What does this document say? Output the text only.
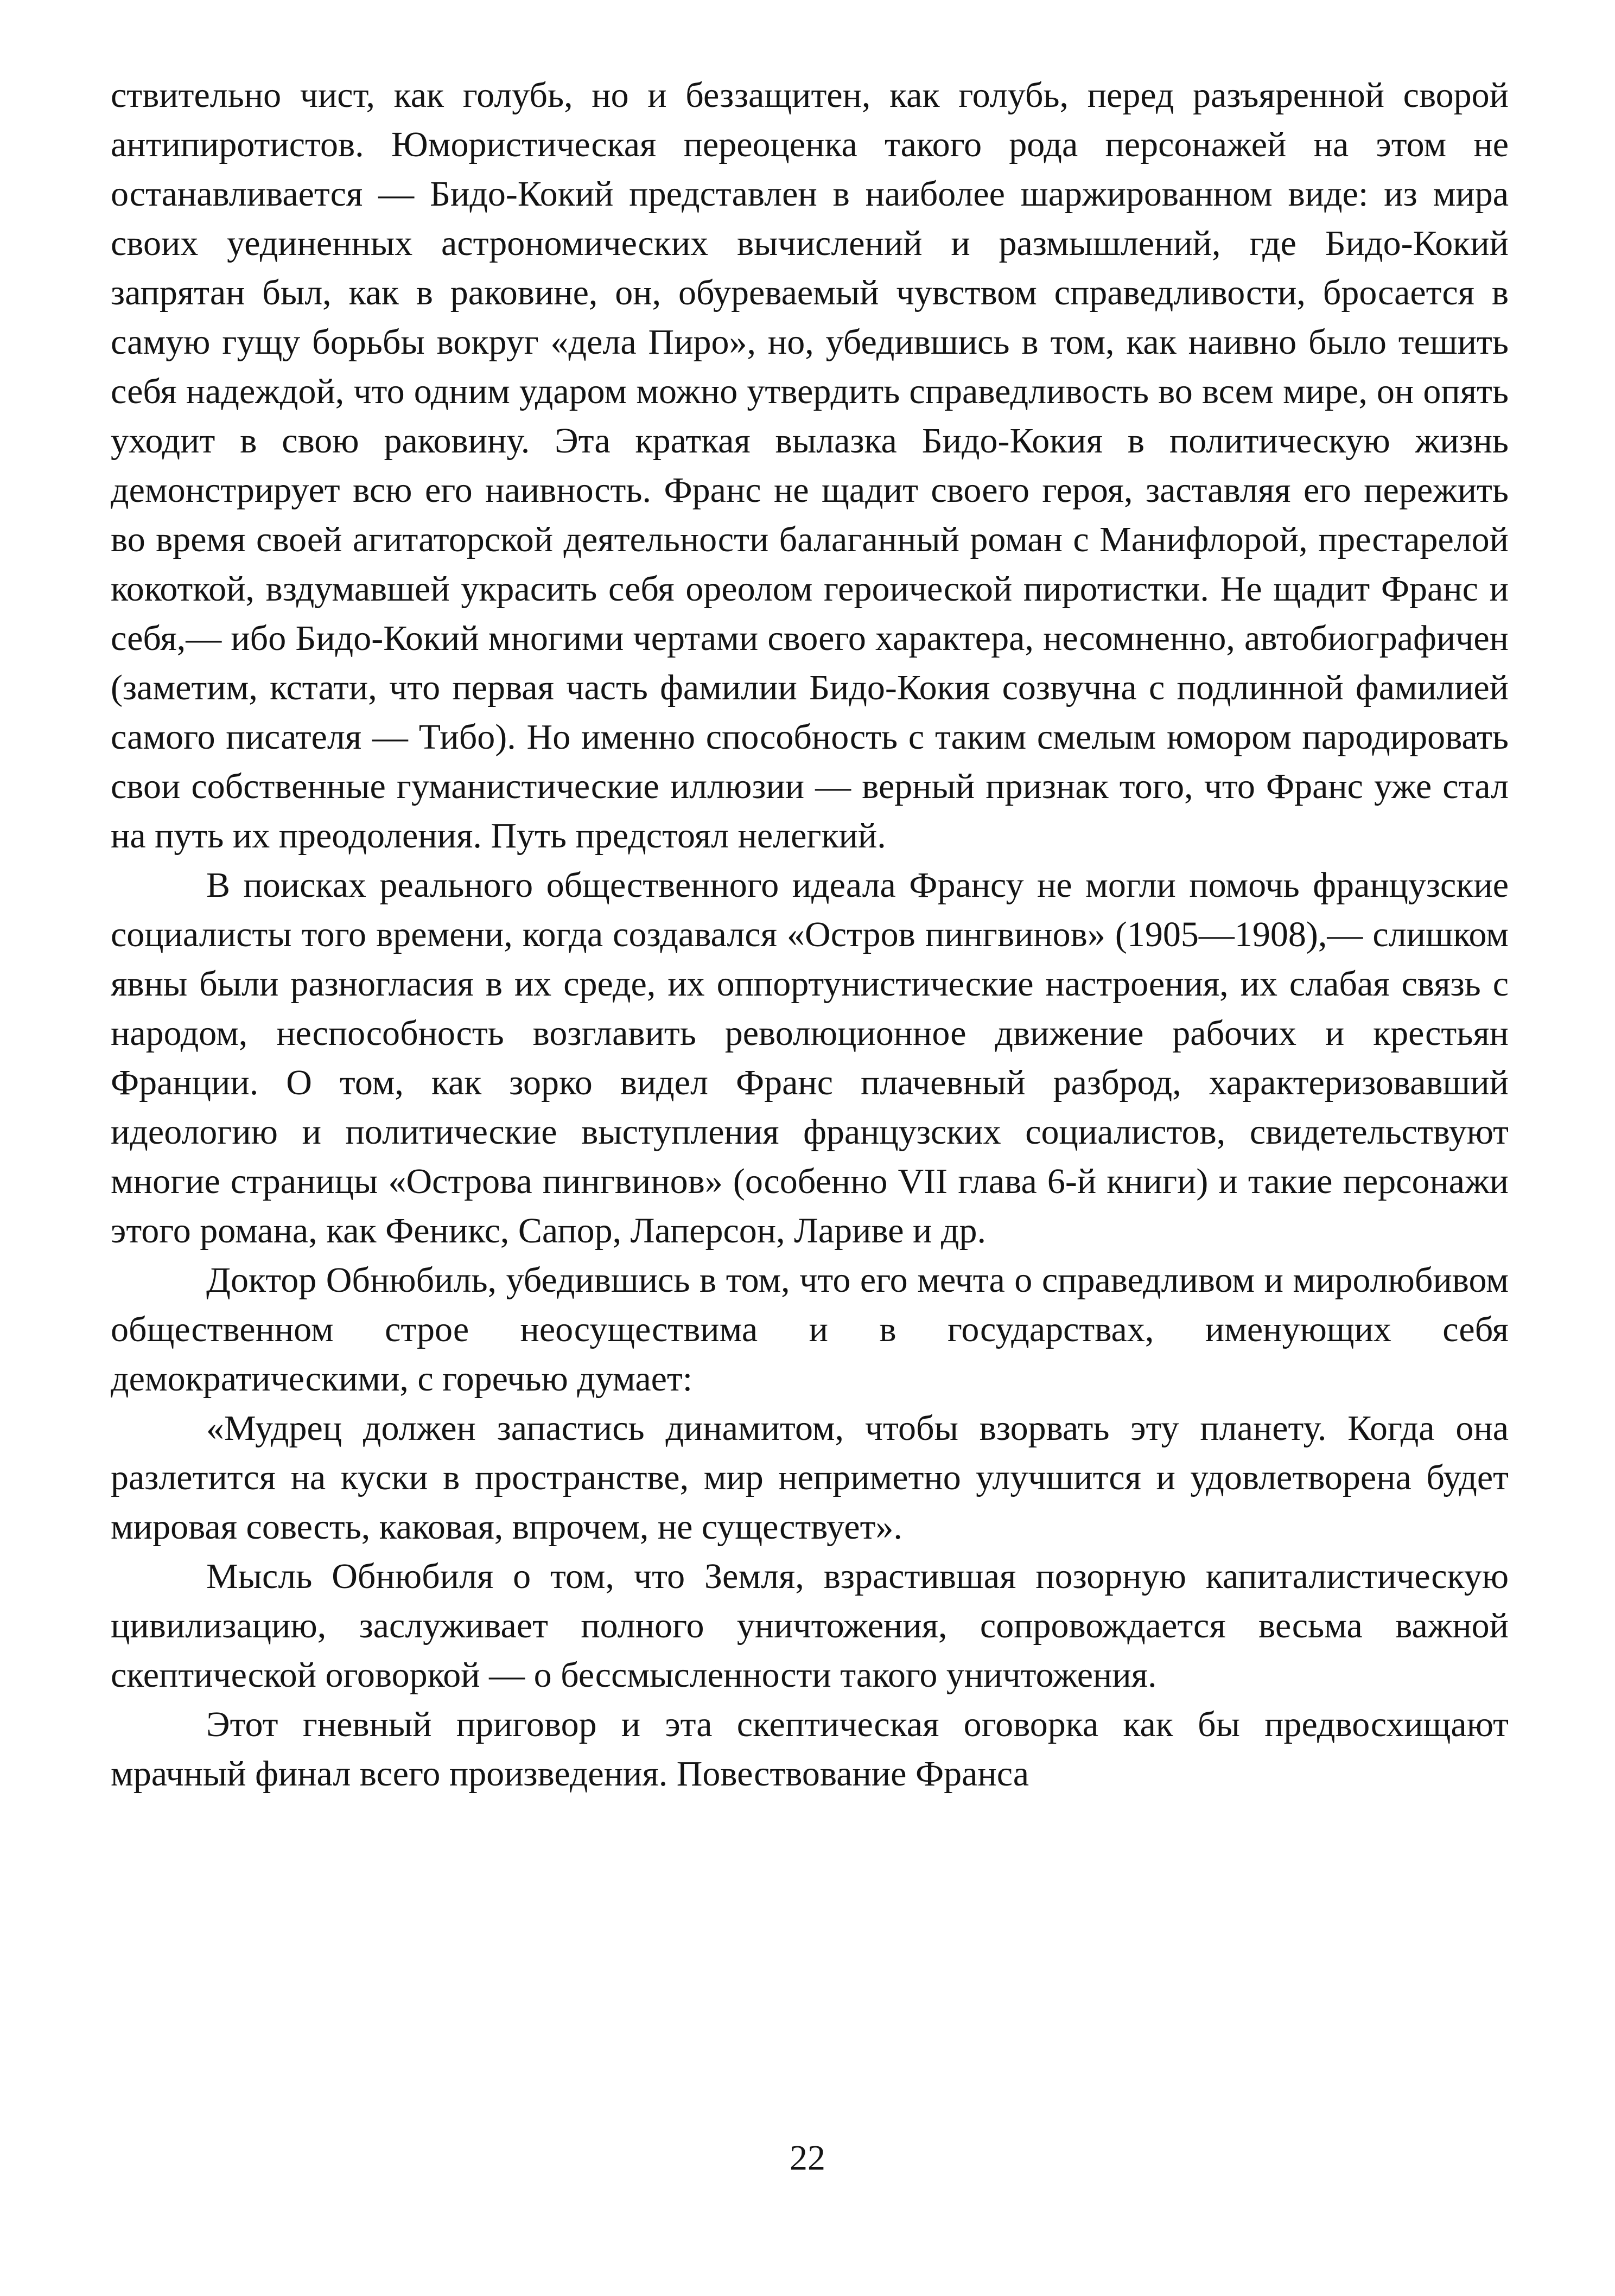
ствительно чист, как голубь, но и беззащитен, как голубь, перед разъяренной сворой антипиротистов. Юмористическая переоценка такого рода персонажей на этом не останавливается — Бидо-Кокий представлен в наиболее шаржированном виде: из мира своих уединенных астрономических вычислений и размышлений, где Бидо-Кокий запрятан был, как в раковине, он, обуреваемый чувством справедливости, бросается в самую гущу борьбы вокруг «дела Пиро», но, убедившись в том, как наивно было тешить себя надеждой, что одним ударом можно утвердить справедливость во всем мире, он опять уходит в свою раковину. Эта краткая вылазка Бидо-Кокия в политическую жизнь демонстрирует всю его наивность. Франс не щадит своего героя, заставляя его пережить во время своей агитаторской деятельности балаганный роман с Манифлорой, престарелой кокоткой, вздумавшей украсить себя ореолом героической пиротистки. Не щадит Франс и себя,— ибо Бидо-Кокий многими чертами своего характера, несомненно, автобиографичен (заметим, кстати, что первая часть фамилии Бидо-Кокия созвучна с подлинной фамилией самого писателя — Тибо). Но именно способность с таким смелым юмором пародировать свои собственные гуманистические иллюзии — верный признак того, что Франс уже стал на путь их преодоления. Путь предстоял нелегкий.

В поисках реального общественного идеала Франсу не могли помочь французские социалисты того времени, когда создавался «Остров пингвинов» (1905—1908),— слишком явны были разногласия в их среде, их оппортунистические настроения, их слабая связь с народом, неспособность возглавить революционное движение рабочих и крестьян Франции. О том, как зорко видел Франс плачевный разброд, характеризовавший идеологию и политические выступления французских социалистов, свидетельствуют многие страницы «Острова пингвинов» (особенно VII глава 6-й книги) и такие персонажи этого романа, как Феникс, Сапор, Лаперсон, Лариве и др.

Доктор Обнюбиль, убедившись в том, что его мечта о справедливом и миролюбивом общественном строе неосуществима и в государствах, именующих себя демократическими, с горечью думает:

«Мудрец должен запастись динамитом, чтобы взорвать эту планету. Когда она разлетится на куски в пространстве, мир неприметно улучшится и удовлетворена будет мировая совесть, каковая, впрочем, не существует».

Мысль Обнюбиля о том, что Земля, взрастившая позорную капиталистическую цивилизацию, заслуживает полного уничтожения, сопровождается весьма важной скептической оговоркой — о бессмысленности такого уничтожения.

Этот гневный приговор и эта скептическая оговорка как бы предвосхищают мрачный финал всего произведения. Повествование Франса

22
